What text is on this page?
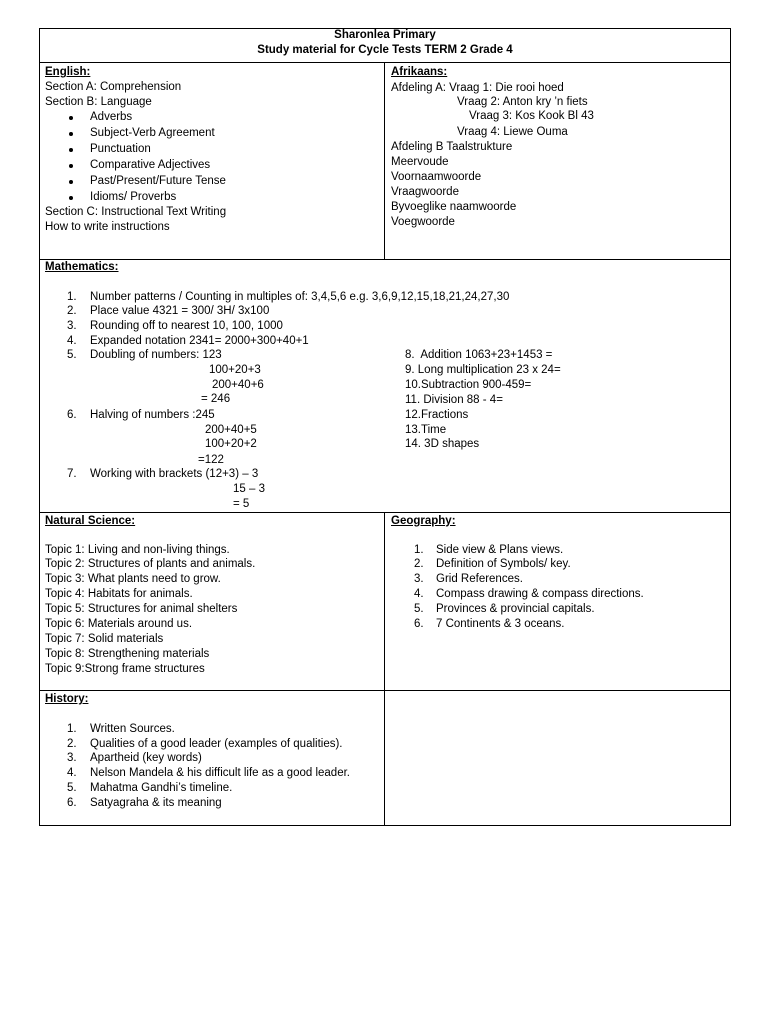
Sharonlea Primary
Study material for Cycle Tests TERM 2 Grade 4
English:
Section A: Comprehension
Section B: Language
Adverbs
Subject-Verb Agreement
Punctuation
Comparative Adjectives
Past/Present/Future Tense
Idioms/ Proverbs
Section C: Instructional Text Writing
How to write instructions
Afrikaans:
Afdeling A: Vraag 1: Die rooi hoed
Vraag 2: Anton kry ’n fiets
Vraag 3: Kos Kook Bl 43
Vraag 4: Liewe Ouma
Afdeling B Taalstrukture
Meervoude
Voornaamwoorde
Vraagwoorde
Byvoeglike naamwoorde
Voegwoorde
Mathematics:
1. Number patterns / Counting in multiples of: 3,4,5,6 e.g. 3,6,9,12,15,18,21,24,27,30
2. Place value 4321 = 300/ 3H/ 3x100
3. Rounding off to nearest 10, 100, 1000
4. Expanded notation 2341= 2000+300+40+1
5. Doubling of numbers: 123
100+20+3
200+40+6
= 246
6. Halving of numbers :245
200+40+5
100+20+2
=122
7. Working with brackets (12+3) – 3
15 – 3
= 5
8.  Addition 1063+23+1453 =
9. Long multiplication 23 x 24=
10.Subtraction 900-459=
11. Division 88 - 4=
12.Fractions
13.Time
14. 3D shapes
Natural Science:
Topic 1: Living and non-living things.
Topic 2: Structures of plants and animals.
Topic 3: What plants need to grow.
Topic 4: Habitats for animals.
Topic 5: Structures for animal shelters
Topic 6: Materials around us.
Topic 7: Solid materials
Topic 8: Strengthening materials
Topic 9:Strong frame structures
Geography:
1. Side view & Plans views.
2. Definition of Symbols/ key.
3. Grid References.
4. Compass drawing & compass directions.
5. Provinces & provincial capitals.
6. 7 Continents & 3 oceans.
History:
1. Written Sources.
2. Qualities of a good leader (examples of qualities).
3. Apartheid (key words)
4. Nelson Mandela & his difficult life as a good leader.
5. Mahatma Gandhi’s timeline.
6. Satyagraha & its meaning
